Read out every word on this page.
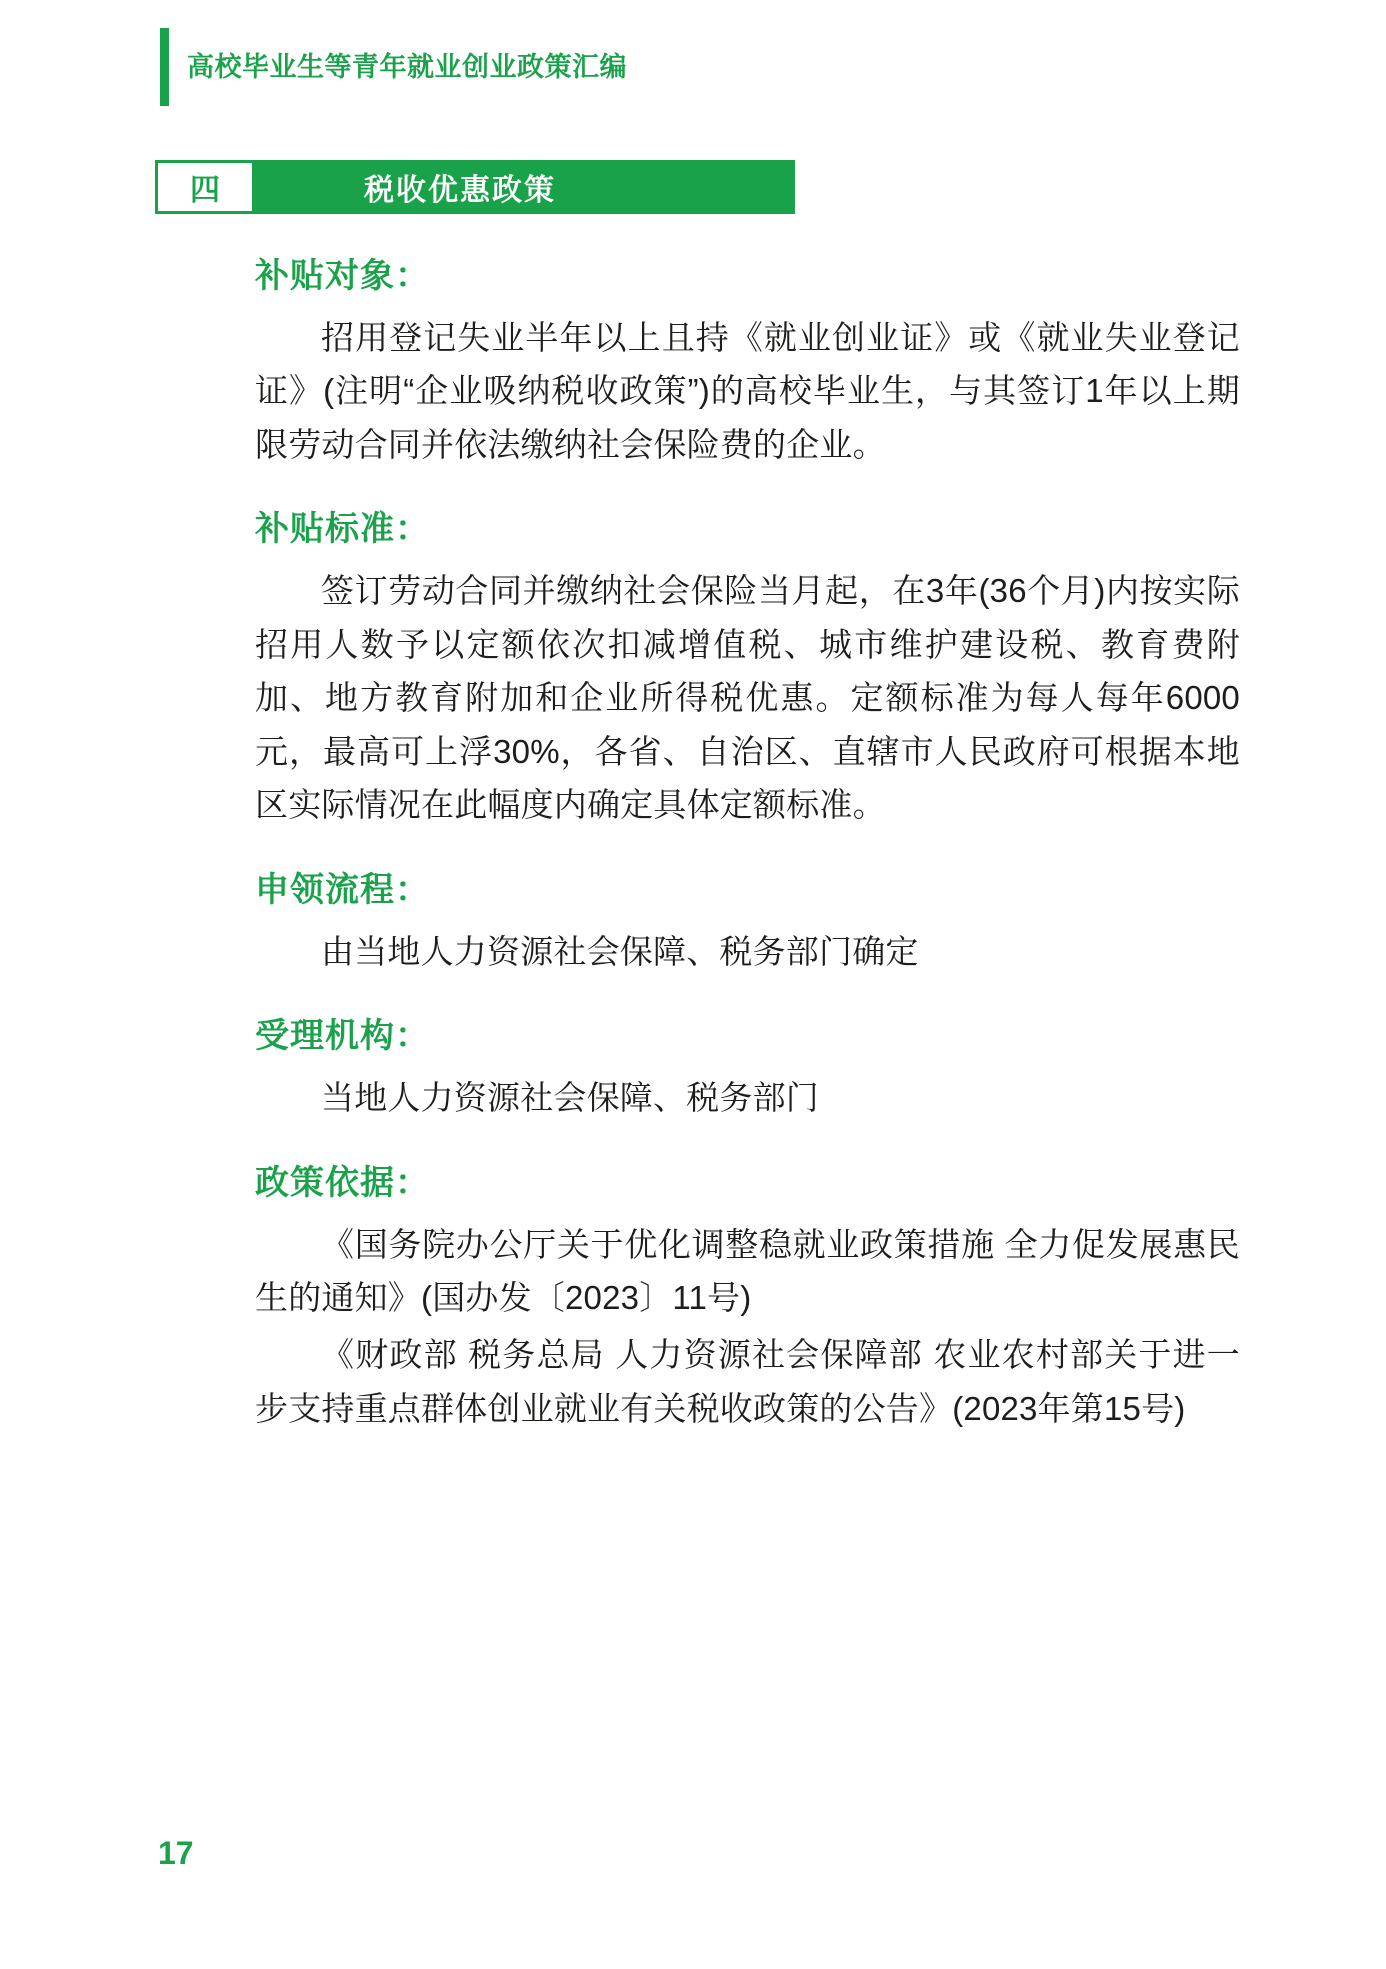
高校毕业生等青年就业创业政策汇编
四	税收优惠政策
补贴对象：

招用登记失业半年以上且持《就业创业证》或《就业失业登记证》(注明“企业吸纳税收政策”)的高校毕业生，与其签订1年以上期限劳动合同并依法缴纳社会保险费的企业。

补贴标准：

签订劳动合同并缴纳社会保险当月起，在3年(36个月)内按实际招用人数予以定额依次扣减增值税、城市维护建设税、教育费附加、地方教育附加和企业所得税优惠。定额标准为每人每年6000元，最高可上浮30%，各省、自治区、直辖市人民政府可根据本地区实际情况在此幅度内确定具体定额标准。

申领流程：

由当地人力资源社会保障、税务部门确定

受理机构：

当地人力资源社会保障、税务部门

政策依据：

《国务院办公厅关于优化调整稳就业政策措施 全力促发展惠民生的通知》(国办发〔2023〕11号)

《财政部 税务总局 人力资源社会保障部 农业农村部关于进一步支持重点群体创业就业有关税收政策的公告》(2023年第15号)

17
